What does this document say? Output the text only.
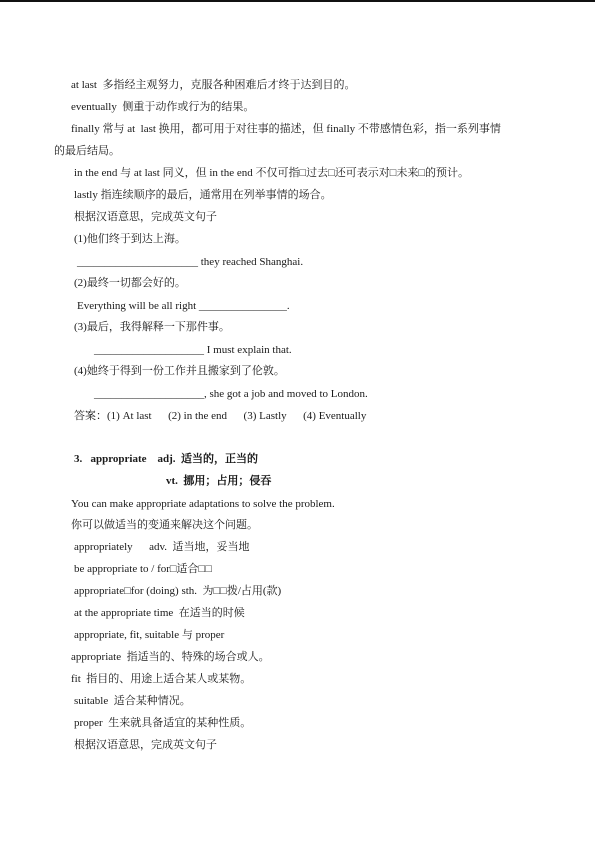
at last  多指经主观努力，克服各种困难后才终于达到目的。
eventually  侧重于动作或行为的结果。
finally 常与 at  last 换用，都可用于对往事的描述，但 finally 不带感情色彩，指一系列事情
的最后结局。
in the end 与 at last 同义，但 in the end 不仅可指□过去□还可表示对□未来□的预计。
lastly 指连续顺序的最后，通常用在列举事情的场合。
根据汉语意思，完成英文句子
(1)他们终于到达上海。
______________________ they reached Shanghai.
(2)最终一切都会好的。
Everything will be all right ________________.
(3)最后，我得解释一下那件事。
____________________ I must explain that.
(4)她终于得到一份工作并且搬家到了伦敦。
____________________, she got a job and moved to London.
答案：(1) At last      (2) in the end      (3) Lastly      (4) Eventually
3.   appropriate    adj.  适当的，正当的
vt.  挪用；占用；侵吞
You can make appropriate adaptations to solve the problem.
你可以做适当的变通来解决这个问题。
appropriately      adv.  适当地，妥当地
be appropriate to / for□适合□□
appropriate□for (doing) sth.  为□□拨/占用(款)
at the appropriate time  在适当的时候
appropriate, fit, suitable 与 proper
appropriate  指适当的、特殊的场合或人。
fit  指目的、用途上适合某人或某物。
suitable  适合某种情况。
proper  生来就具备适宜的某种性质。
根据汉语意思，完成英文句子
